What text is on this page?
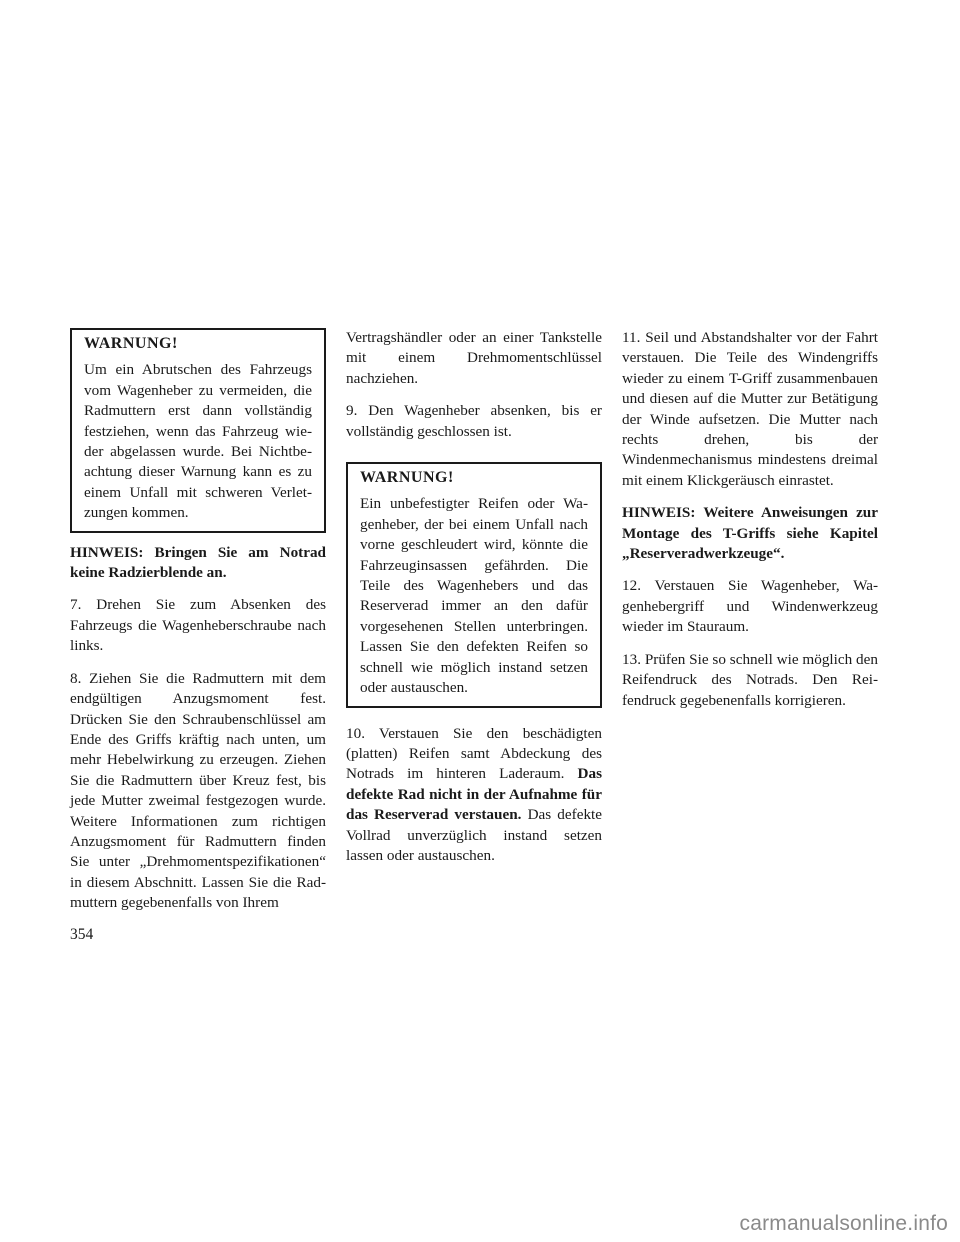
WARNUNG!

Um ein Abrutschen des Fahrzeugs vom Wagenheber zu vermeiden, die Radmuttern erst dann vollständig festziehen, wenn das Fahrzeug wieder abgelassen wurde. Bei Nichtbeachtung dieser Warnung kann es zu einem Unfall mit schweren Verletzungen kommen.

HINWEIS: Bringen Sie am Notrad keine Radzierblende an.

7. Drehen Sie zum Absenken des Fahrzeugs die Wagenheberschraube nach links.

8. Ziehen Sie die Radmuttern mit dem endgültigen Anzugsmoment fest. Drücken Sie den Schraubenschlüssel am Ende des Griffs kräftig nach unten, um mehr Hebelwirkung zu erzeugen. Ziehen Sie die Radmuttern über Kreuz fest, bis jede Mutter zweimal festgezogen wurde. Weitere Informationen zum richtigen Anzugsmoment für Radmuttern finden Sie unter „Drehmomentspezifikationen“ in diesem Abschnitt. Lassen Sie die Radmuttern gegebenenfalls von Ihrem

Vertragshändler oder an einer Tankstelle mit einem Drehmomentschlüssel nachziehen.

9. Den Wagenheber absenken, bis er vollständig geschlossen ist.

WARNUNG!

Ein unbefestigter Reifen oder Wagenheber, der bei einem Unfall nach vorne geschleudert wird, könnte die Fahrzeuginsassen gefährden. Die Teile des Wagenhebers und das Reserverad immer an den dafür vorgesehenen Stellen unterbringen. Lassen Sie den defekten Reifen so schnell wie möglich instand setzen oder austauschen.

10. Verstauen Sie den beschädigten (platten) Reifen samt Abdeckung des Notrads im hinteren Laderaum. Das defekte Rad nicht in der Aufnahme für das Reserverad verstauen. Das defekte Vollrad unverzüglich instand setzen lassen oder austauschen.

11. Seil und Abstandshalter vor der Fahrt verstauen. Die Teile des Windengriffs wieder zu einem T-Griff zusammenbauen und diesen auf die Mutter zur Betätigung der Winde aufsetzen. Die Mutter nach rechts drehen, bis der Windenmechanismus mindestens dreimal mit einem Klickgeräusch einrastet.

HINWEIS: Weitere Anweisungen zur Montage des T-Griffs siehe Kapitel „Reserveradwerkzeuge“.

12. Verstauen Sie Wagenheber, Wagenhebergriff und Windenwerkzeug wieder im Stauraum.

13. Prüfen Sie so schnell wie möglich den Reifendruck des Notrads. Den Reifendruck gegebenenfalls korrigieren.

354
carmanualsonline.info
